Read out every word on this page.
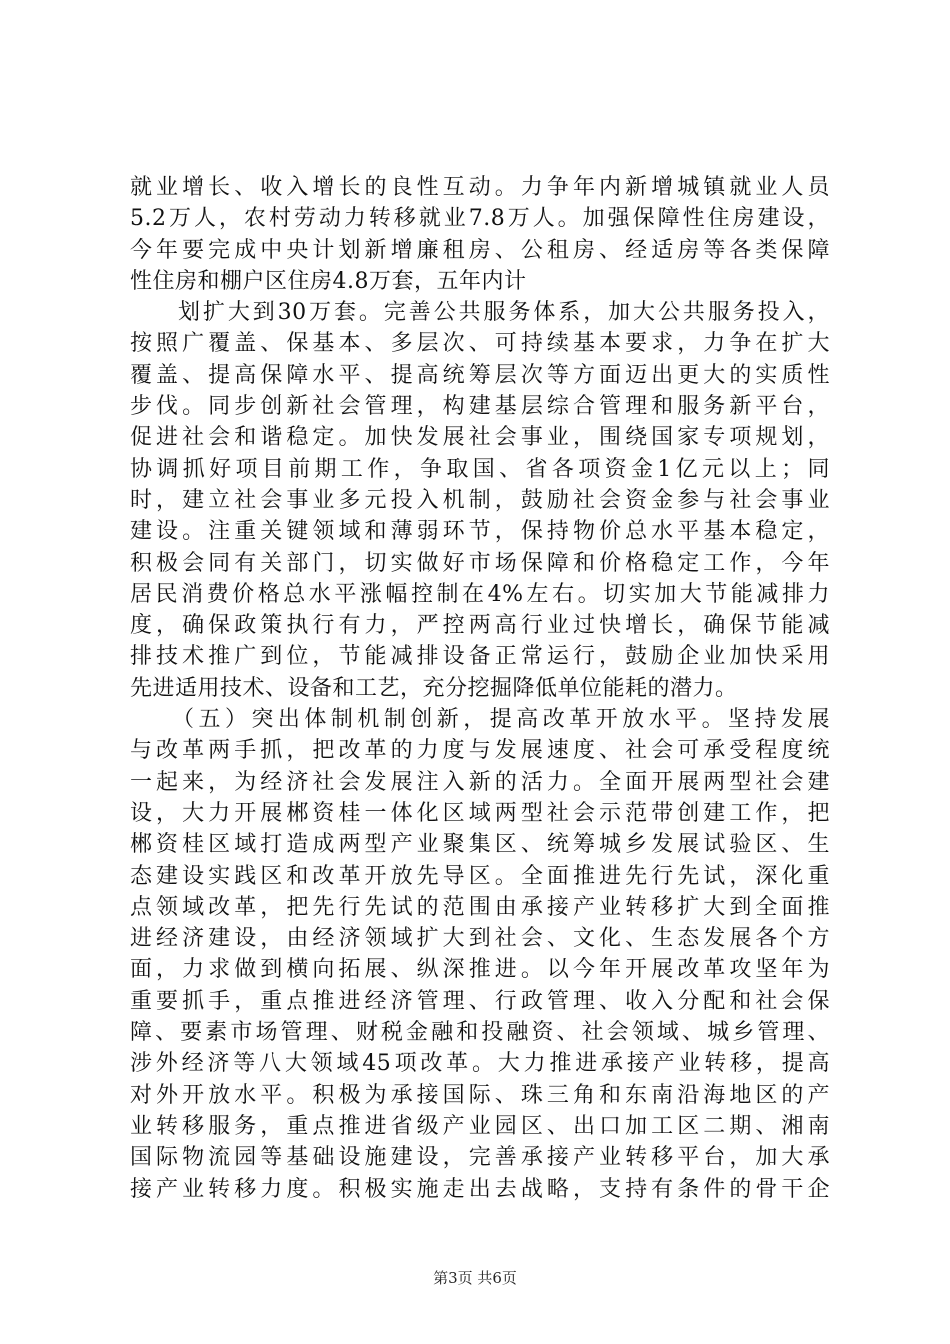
就业增长、收入增长的良性互动。力争年内新增城镇就业人员
5.2万人，农村劳动力转移就业7.8万人。加强保障性住房建设，
今年要完成中央计划新增廉租房、公租房、经适房等各类保障
性住房和棚户区住房4.8万套，五年内计
划扩大到30万套。完善公共服务体系，加大公共服务投入，
按照广覆盖、保基本、多层次、可持续基本要求，力争在扩大
覆盖、提高保障水平、提高统筹层次等方面迈出更大的实质性
步伐。同步创新社会管理，构建基层综合管理和服务新平台，
促进社会和谐稳定。加快发展社会事业，围绕国家专项规划，
协调抓好项目前期工作，争取国、省各项资金1亿元以上；同
时，建立社会事业多元投入机制，鼓励社会资金参与社会事业
建设。注重关键领域和薄弱环节，保持物价总水平基本稳定，
积极会同有关部门，切实做好市场保障和价格稳定工作，今年
居民消费价格总水平涨幅控制在4%左右。切实加大节能减排力
度，确保政策执行有力，严控两高行业过快增长，确保节能减
排技术推广到位，节能减排设备正常运行，鼓励企业加快采用
先进适用技术、设备和工艺，充分挖掘降低单位能耗的潜力。
（五）突出体制机制创新，提高改革开放水平。坚持发展
与改革两手抓，把改革的力度与发展速度、社会可承受程度统
一起来，为经济社会发展注入新的活力。全面开展两型社会建
设，大力开展郴资桂一体化区域两型社会示范带创建工作，把
郴资桂区域打造成两型产业聚集区、统筹城乡发展试验区、生
态建设实践区和改革开放先导区。全面推进先行先试，深化重
点领域改革，把先行先试的范围由承接产业转移扩大到全面推
进经济建设，由经济领域扩大到社会、文化、生态发展各个方
面，力求做到横向拓展、纵深推进。以今年开展改革攻坚年为
重要抓手，重点推进经济管理、行政管理、收入分配和社会保
障、要素市场管理、财税金融和投融资、社会领域、城乡管理、
涉外经济等八大领域45项改革。大力推进承接产业转移，提高
对外开放水平。积极为承接国际、珠三角和东南沿海地区的产
业转移服务，重点推进省级产业园区、出口加工区二期、湘南
国际物流园等基础设施建设，完善承接产业转移平台，加大承
接产业转移力度。积极实施走出去战略，支持有条件的骨干企
第3页 共6页
